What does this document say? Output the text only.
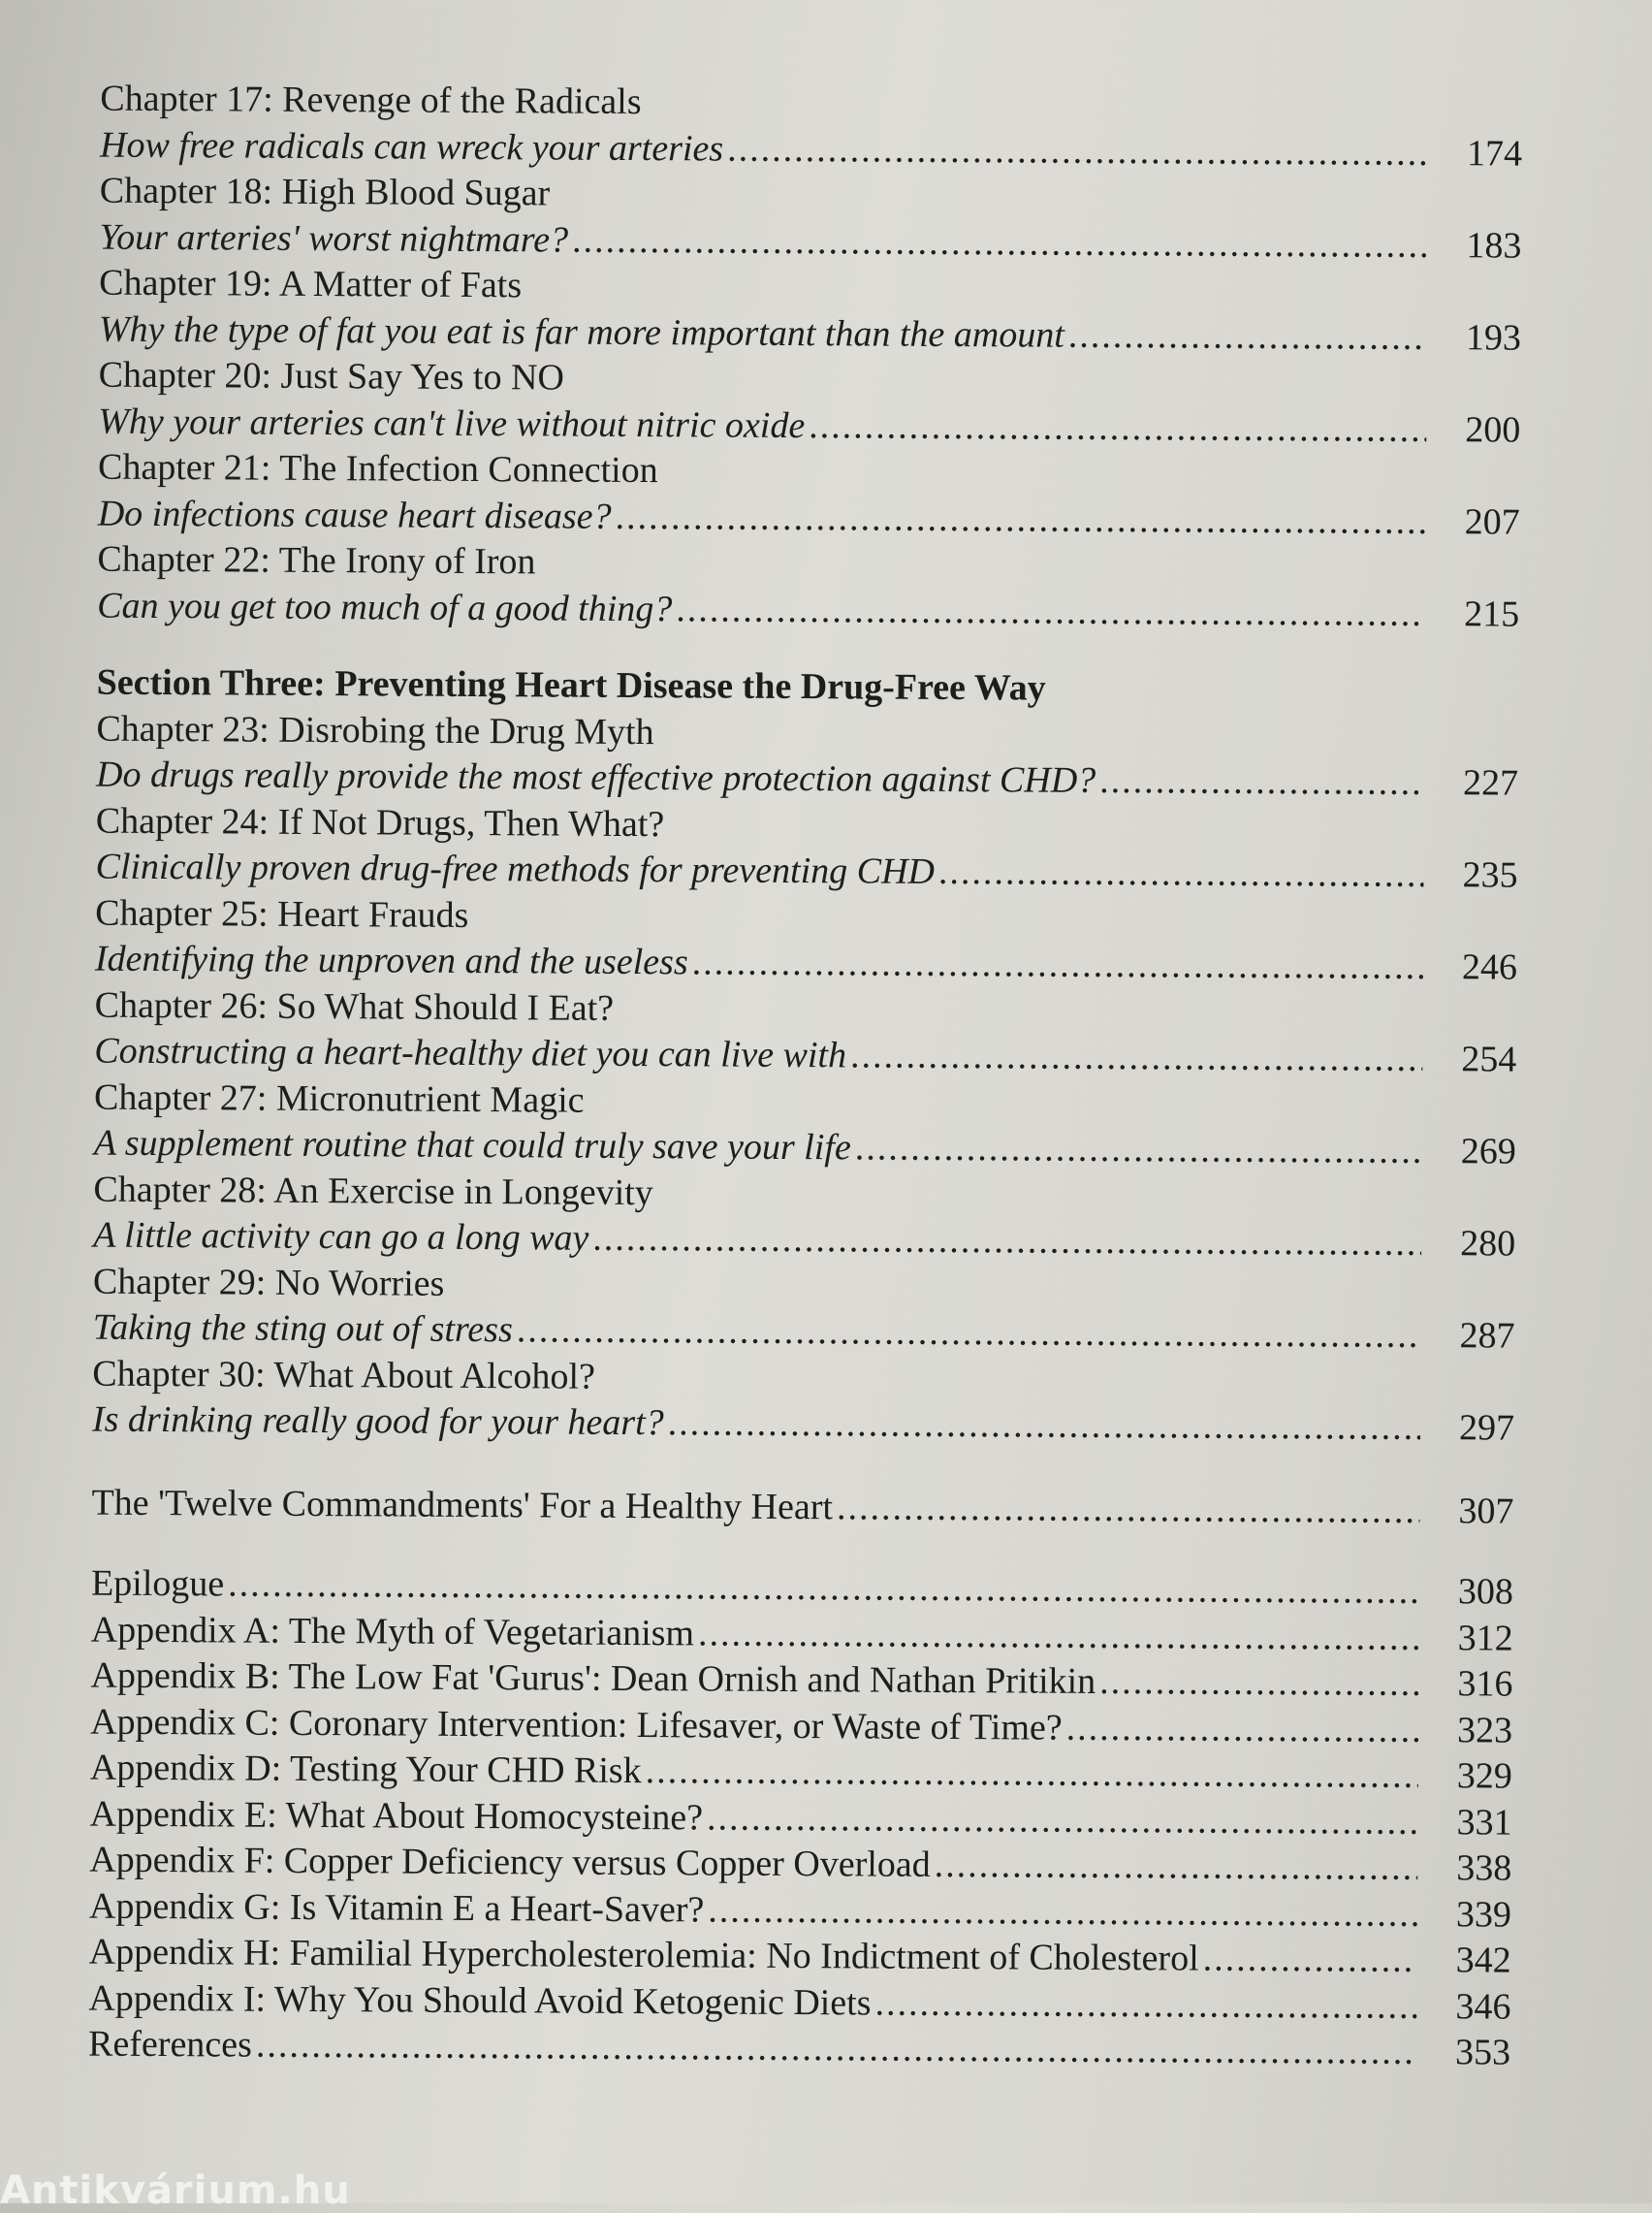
Chapter 17: Revenge of the Radicals
How free radicals can wreck your arteries .....	174
Chapter 18: High Blood Sugar
Your arteries' worst nightmare? .....	183
Chapter 19: A Matter of Fats
Why the type of fat you eat is far more important than the amount .....	193
Chapter 20: Just Say Yes to NO
Why your arteries can't live without nitric oxide .....	200
Chapter 21: The Infection Connection
Do infections cause heart disease? .....	207
Chapter 22: The Irony of Iron
Can you get too much of a good thing? .....	215
Section Three: Preventing Heart Disease the Drug-Free Way
Chapter 23: Disrobing the Drug Myth
Do drugs really provide the most effective protection against CHD? .....	227
Chapter 24: If Not Drugs, Then What?
Clinically proven drug-free methods for preventing CHD .....	235
Chapter 25: Heart Frauds
Identifying the unproven and the useless .....	246
Chapter 26: So What Should I Eat?
Constructing a heart-healthy diet you can live with .....	254
Chapter 27: Micronutrient Magic
A supplement routine that could truly save your life .....	269
Chapter 28: An Exercise in Longevity
A little activity can go a long way .....	280
Chapter 29: No Worries
Taking the sting out of stress .....	287
Chapter 30: What About Alcohol?
Is drinking really good for your heart? .....	297
The 'Twelve Commandments' For a Healthy Heart .....	307
Epilogue .....	308
Appendix A: The Myth of Vegetarianism .....	312
Appendix B: The Low Fat 'Gurus': Dean Ornish and Nathan Pritikin .....	316
Appendix C: Coronary Intervention: Lifesaver, or Waste of Time? .....	323
Appendix D: Testing Your CHD Risk .....	329
Appendix E: What About Homocysteine? .....	331
Appendix F: Copper Deficiency versus Copper Overload .....	338
Appendix G: Is Vitamin E a Heart-Saver? .....	339
Appendix H: Familial Hypercholesterolemia: No Indictment of Cholesterol .....	342
Appendix I: Why You Should Avoid Ketogenic Diets .....	346
References .....	353
Antikvárium.hu
